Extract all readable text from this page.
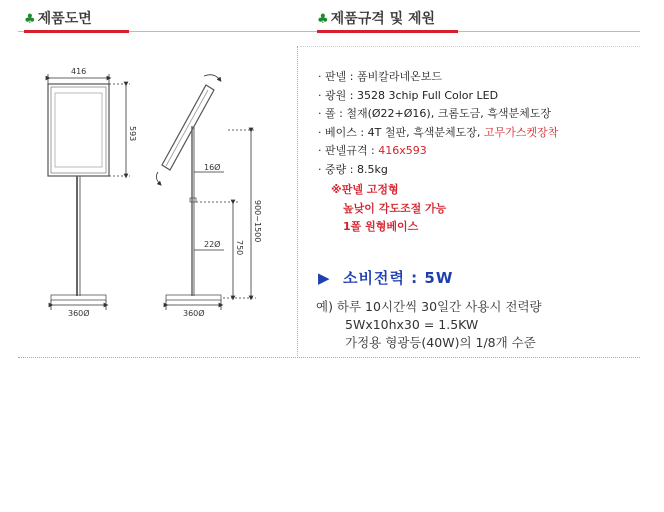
♣ 제품도면	♣ 제품규격 및 제원
416
593
16Ø
22Ø
360Ø	360Ø
750
900~1500
· 판넬 : 폼비칼라네온보드
· 광원 : 3528 3chip Full Color LED
· 폴 : 철재(Ø22+Ø16), 크롬도금, 흑색분체도장
· 베이스 : 4T 철판, 흑색분체도장, 고무가스켓장착
· 판넬규격 : 416x593
· 중량 : 8.5kg
※판넬 고정형
높낮이 각도조절 가능
1폴 원형베이스
▶ 소비전력 : 5W
예) 하루 10시간씩 30일간 사용시 전력량
5Wx10hx30 = 1.5KW
가정용 형광등(40W)의 1/8개 수준
